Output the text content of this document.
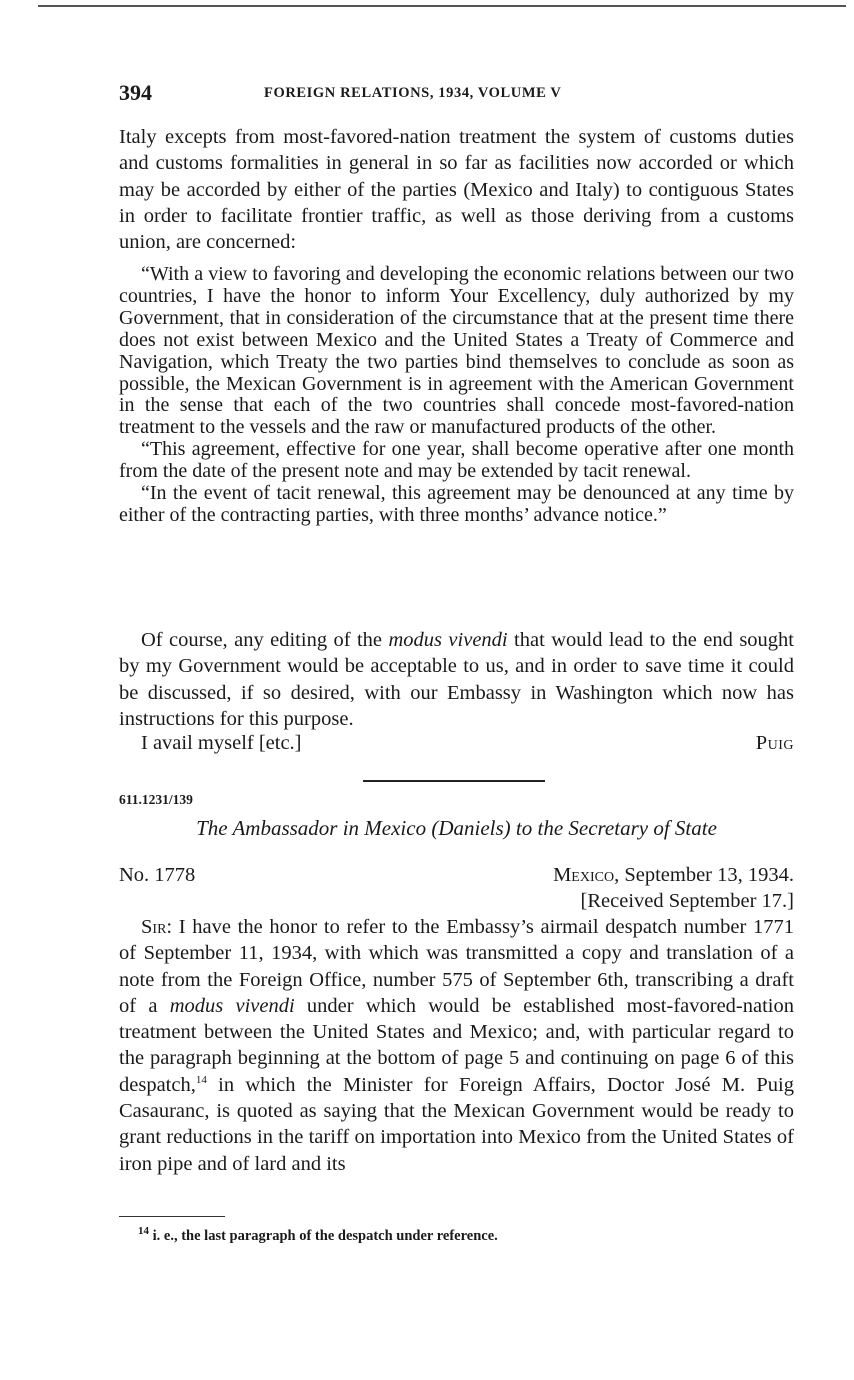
394	FOREIGN RELATIONS, 1934, VOLUME V

Italy excepts from most-favored-nation treatment the system of customs duties and customs formalities in general in so far as facilities now accorded or which may be accorded by either of the parties (Mexico and Italy) to contiguous States in order to facilitate frontier traffic, as well as those deriving from a customs union, are concerned:

“With a view to favoring and developing the economic relations between our two countries, I have the honor to inform Your Excellency, duly authorized by my Government, that in consideration of the circumstance that at the present time there does not exist between Mexico and the United States a Treaty of Commerce and Navigation, which Treaty the two parties bind themselves to conclude as soon as possible, the Mexican Government is in agreement with the American Government in the sense that each of the two countries shall concede most-favored-nation treatment to the vessels and the raw or manufactured products of the other.

“This agreement, effective for one year, shall become operative after one month from the date of the present note and may be extended by tacit renewal.

“In the event of tacit renewal, this agreement may be denounced at any time by either of the contracting parties, with three months’ advance notice.”

Of course, any editing of the modus vivendi that would lead to the end sought by my Government would be acceptable to us, and in order to save time it could be discussed, if so desired, with our Embassy in Washington which now has instructions for this purpose.

I avail myself [etc.]	Puig
611.1231/139
The Ambassador in Mexico (Daniels) to the Secretary of State
No. 1778	Mexico, September 13, 1934.
[Received September 17.]

Sir: I have the honor to refer to the Embassy’s airmail despatch number 1771 of September 11, 1934, with which was transmitted a copy and translation of a note from the Foreign Office, number 575 of September 6th, transcribing a draft of a modus vivendi under which would be established most-favored-nation treatment between the United States and Mexico; and, with particular regard to the paragraph beginning at the bottom of page 5 and continuing on page 6 of this despatch,$^{14}$ in which the Minister for Foreign Affairs, Doctor José M. Puig Casauranc, is quoted as saying that the Mexican Government would be ready to grant reductions in the tariff on importation into Mexico from the United States of iron pipe and of lard and its

$^{14}$ i. e., the last paragraph of the despatch under reference.
